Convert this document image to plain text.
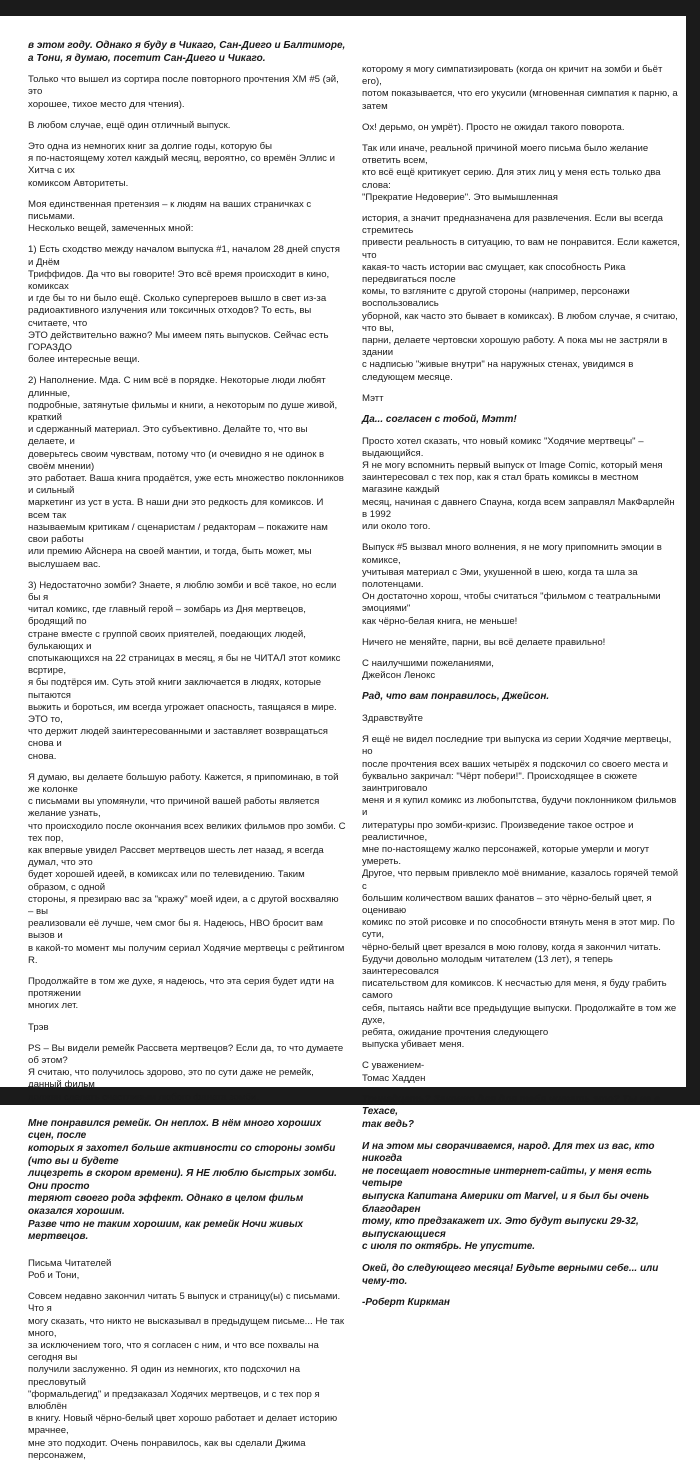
в этом году. Однако я буду в Чикаго, Сан-Диего и Балтиморе,
а Тони, я думаю, посетит Сан-Диего и Чикаго.

Только что вышел из сортира после повторного прочтения ХМ #5 (эй, это
хорошее, тихое место для чтения).

В любом случае, ещё один отличный выпуск.

Это одна из немногих книг за долгие годы, которую бы
я по-настоящему хотел каждый месяц, вероятно, со времён Эллис и Хитча с их
комиксом Авторитеты.

Моя единственная претензия – к людям на ваших страничках с письмами.
Несколько вещей, замеченных мной:

1) Есть сходство между началом выпуска #1, началом 28 дней спустя и Днём
Триффидов. Да что вы говорите! Это всё время происходит в кино, комиксах
и где бы то ни было ещё. Сколько супергероев вышло в свет из-за
радиоактивного излучения или токсичных отходов? То есть, вы считаете, что
ЭТО действительно важно? Мы имеем пять выпусков. Сейчас есть ГОРАЗДО
более интересные вещи.

2) Наполнение. Мда. С ним всё в порядке. Некоторые люди любят длинные,
подробные, затянутые фильмы и книги, а некоторым по душе живой, краткий
и сдержанный материал. Это субъективно. Делайте то, что вы делаете, и
доверьтесь своим чувствам, потому что (и очевидно я не одинок в своём мнении)
это работает. Ваша книга продаётся, уже есть множество поклонников и сильный
маркетинг из уст в уста. В наши дни это редкость для комиксов. И всем так
называемым критикам / сценаристам / редакторам – покажите нам свои работы
или премию Айснера на своей мантии, и тогда, быть может, мы выслушаем вас.

3) Недостаточно зомби? Знаете, я люблю зомби и всё такое, но если бы я
читал комикс, где главный герой – зомбарь из Дня мертвецов, бродящий по
стране вместе с группой своих приятелей, поедающих людей, булькающих и
спотыкающихся на 22 страницах в месяц, я бы не ЧИТАЛ этот комикс всртире,
я бы подтёрся им. Суть этой книги заключается в людях, которые пытаются
выжить и бороться, им всегда угрожает опасность, таящаяся в мире. ЭТО то,
что держит людей заинтересованными и заставляет возвращаться снова и
снова.

Я думаю, вы делаете большую работу. Кажется, я припоминаю, в той же колонке
с письмами вы упомянули, что причиной вашей работы является желание узнать,
что происходило после окончания всех великих фильмов про зомби. С тех пор,
как впервые увидел Рассвет мертвецов шесть лет назад, я всегда думал, что это
будет хорошей идеей, в комиксах или по телевидению. Таким образом, с одной
стороны, я презираю вас за "кражу" моей идеи, а с другой восхваляю – вы
реализовали её лучше, чем смог бы я. Надеюсь, HBO бросит вам вызов и
в какой-то момент мы получим сериал Ходячие мертвецы с рейтингом R.

Продолжайте в том же духе, я надеюсь, что эта серия будет идти на протяжении
многих лет.

Трэв

PS – Вы видели ремейк Рассвета мертвецов? Если да, то что думаете об этом?
Я считаю, что получилось здорово, это по сути даже не ремейк, данный фильм
должен сделать счастливым любого фаната зомби.

Мне понравился ремейк. Он неплох. В нём много хороших сцен, после
которых я захотел больше активности со стороны зомби (что вы и будете
лицезреть в скором времени). Я НЕ люблю быстрых зомби. Они просто
теряют своего рода эффект. Однако в целом фильм оказался хорошим.
Разве что не таким хорошим, как ремейк Ночи живых мертвецов.

Письма Читателей
Роб и Тони,

Совсем недавно закончил читать 5 выпуск и страницу(ы) с письмами. Что я
могу сказать, что никто не высказывал в предыдущем письме... Не так много,
за исключением того, что я согласен с ним, и что все похвалы на сегодня вы
получили заслуженно. Я один из немногих, кто подсхочил на пресловутый
"формальдегид" и предзаказал Ходячих мертвецов, и с тех пор я влюблён
в книгу. Новый чёрно-белый цвет хорошо работает и делает историю мрачнее,
мне это подходит. Очень понравилось, как вы сделали Джима персонажем,

которому я могу симпатизировать (когда он кричит на зомби и бьёт его),
потом показывается, что его укусили (мгновенная симпатия к парню, а затем

Ох! дерьмо, он умрёт). Просто не ожидал такого поворота.

Так или иначе, реальной причиной моего письма было желание ответить всем,
кто всё ещё критикует серию. Для этих лиц у меня есть только два слова:
"Прекратие Недоверие". Это вымышленная

история, а значит предназначена для развлечения. Если вы всегда стремитесь
привести реальность в ситуацию, то вам не понравится. Если кажется, что
какая-то часть истории вас смущает, как способность Рика передвигаться после
комы, то взгляните с другой стороны (например, персонажи воспользовались
уборной, как часто это бывает в комиксах). В любом случае, я считаю, что вы,
парни, делаете чертовски хорошую работу. А пока мы не застряли в здании
с надписью "живые внутри" на наружных стенах, увидимся в следующем месяце.

Мэтт

Да... согласен с тобой, Мэтт!

Просто хотел сказать, что новый комикс "Ходячие мертвецы" – выдающийся.
Я не могу вспомнить первый выпуск от Image Comic, который меня
заинтересовал с тех пор, как я стал брать комиксы в местном магазине каждый
месяц, начиная с давнего Спауна, когда всем заправлял МакФарлейн в 1992
или около того.

Выпуск #5 вызвал много волнения, я не могу припомнить эмоции в комиксе,
учитывая материал с Эми, укушенной в шею, когда та шла за полотенцами.
Он достаточно хорош, чтобы считаться "фильмом с театральными эмоциями"
как чёрно-белая книга, не меньше!

Ничего не меняйте, парни, вы всё делаете правильно!

С наилучшими пожеланиями,
Джейсон Ленокс

Рад, что вам понравилось, Джейсон.

Здравствуйте

Я ещё не видел последние три выпуска из серии Ходячие мертвецы, но
после прочтения всех ваших четырёх я подскочил со своего места и
буквально закричал: "Чёрт побери!". Происходящее в сюжете заинтриговало
меня и я купил комикс из любопытства, будучи поклонником фильмов и
литературы про зомби-кризис. Произведение такое острое и реалистичное,
мне по-настоящему жалко персонажей, которые умерли и могут умереть.
Другое, что первым привлекло моё внимание, казалось горячей темой с
большим количеством ваших фанатов – это чёрно-белый цвет, я оцениваю
комикс по этой рисовке и по способности втянуть меня в этот мир. По сути,
чёрно-белый цвет врезался в мою голову, когда я закончил читать.
Будучи довольно молодым читателем (13 лет), я теперь заинтересовался
писательством для комиксов. К несчастью для меня, я буду грабить самого
себя, пытаясь найти все предыдущие выпуски. Продолжайте в том же духе,
ребята, ожидание прочтения следующего
выпуска убивает меня.

С уважением-
Томас Хадден

Тринадцать? Законно для для тебя читать это? Ты не в Техасе,
так ведь?

И на этом мы сворачиваемся, народ. Для тех из вас, кто никогда
не посещает новостные интернет-сайты, у меня есть четыре
выпуска Капитана Америки от Marvel, и я был бы очень благодарен
тому, кто предзакажет их. Это будут выпуски 29-32, выпускающиеся
с июля по октябрь. Не упустите.

Окей, до следующего месяца! Будьте верными себе... или чему-то.

-Роберт Киркман
